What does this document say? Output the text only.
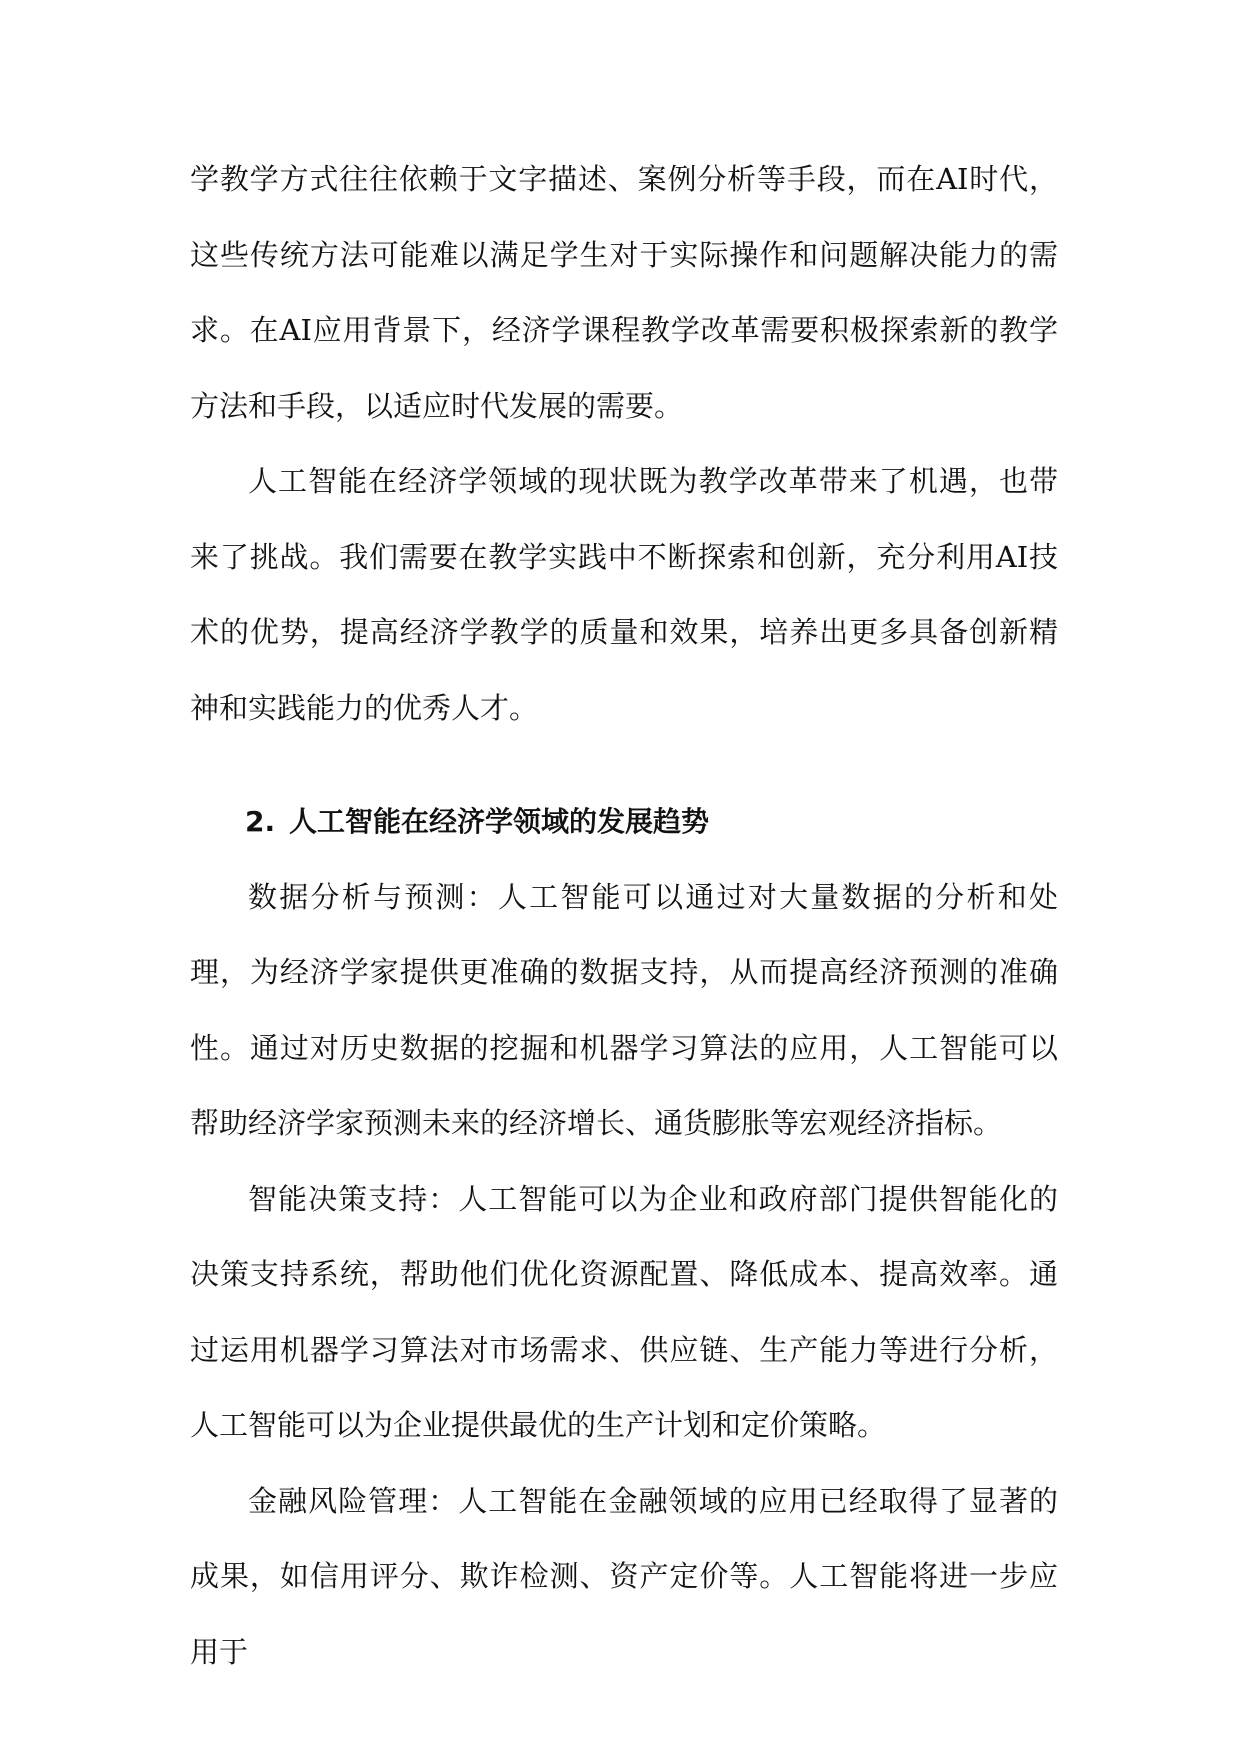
学教学方式往往依赖于文字描述、案例分析等手段，而在AI时代，这些传统方法可能难以满足学生对于实际操作和问题解决能力的需求。在AI应用背景下，经济学课程教学改革需要积极探索新的教学方法和手段，以适应时代发展的需要。

人工智能在经济学领域的现状既为教学改革带来了机遇，也带来了挑战。我们需要在教学实践中不断探索和创新，充分利用AI技术的优势，提高经济学教学的质量和效果，培养出更多具备创新精神和实践能力的优秀人才。

2. 人工智能在经济学领域的发展趋势

数据分析与预测：人工智能可以通过对大量数据的分析和处理，为经济学家提供更准确的数据支持，从而提高经济预测的准确性。通过对历史数据的挖掘和机器学习算法的应用，人工智能可以帮助经济学家预测未来的经济增长、通货膨胀等宏观经济指标。

智能决策支持：人工智能可以为企业和政府部门提供智能化的决策支持系统，帮助他们优化资源配置、降低成本、提高效率。通过运用机器学习算法对市场需求、供应链、生产能力等进行分析，人工智能可以为企业提供最优的生产计划和定价策略。

金融风险管理：人工智能在金融领域的应用已经取得了显著的成果，如信用评分、欺诈检测、资产定价等。人工智能将进一步应用于
